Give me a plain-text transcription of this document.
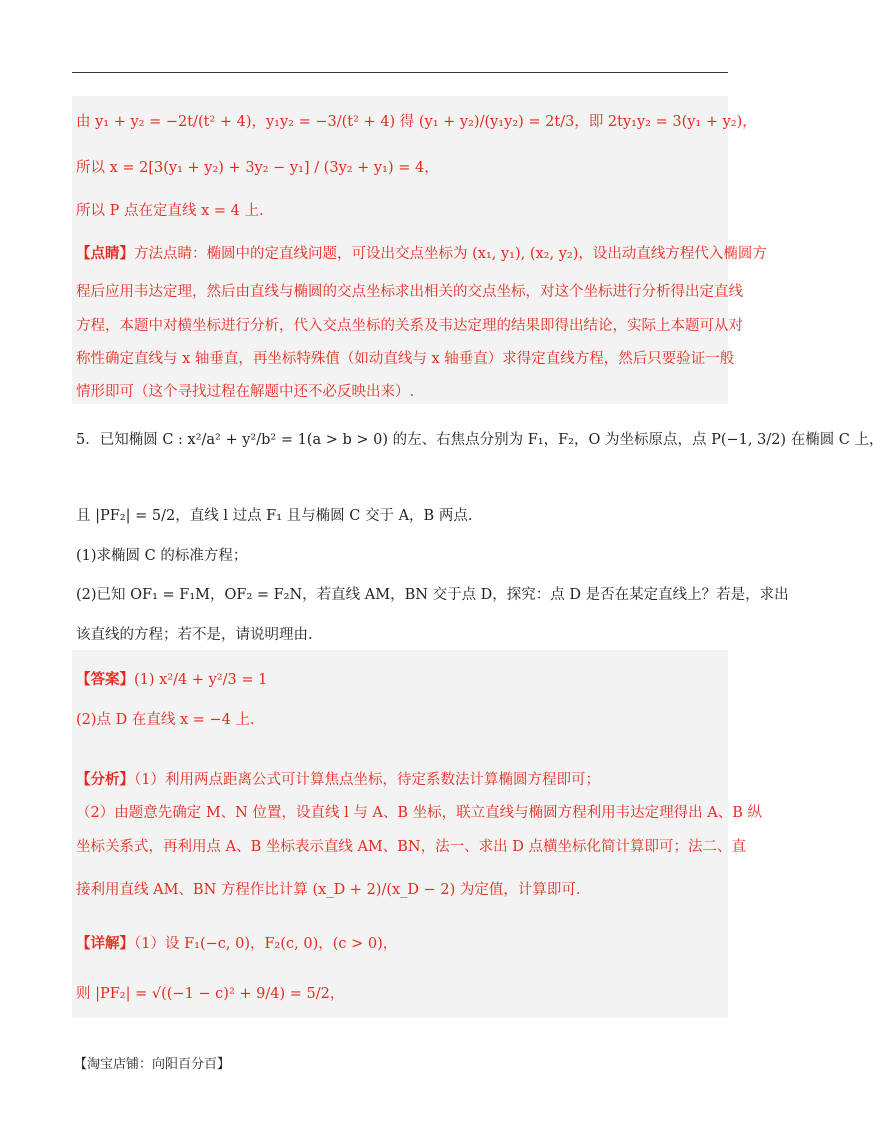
由 y₁ + y₂ = −2t/(t² + 4)，y₁y₂ = −3/(t² + 4) 得 (y₁ + y₂)/(y₁y₂) = 2t/3，即 2ty₁y₂ = 3(y₁ + y₂)，
所以 x = 2[3(y₁ + y₂) + 3y₂ − y₁] / (3y₂ + y₁) = 4，
所以 P 点在定直线 x = 4 上.
【点睛】方法点睛：椭圆中的定直线问题，可设出交点坐标为 (x₁, y₁), (x₂, y₂)，设出动直线方程代入椭圆方
程后应用韦达定理，然后由直线与椭圆的交点坐标求出相关的交点坐标，对这个坐标进行分析得出定直线
方程，本题中对横坐标进行分析，代入交点坐标的关系及韦达定理的结果即得出结论，实际上本题可从对
称性确定直线与 x 轴垂直，再坐标特殊值（如动直线与 x 轴垂直）求得定直线方程，然后只要验证一般
情形即可（这个寻找过程在解题中还不必反映出来）.
5．已知椭圆 C : x²/a² + y²/b² = 1(a > b > 0) 的左、右焦点分别为 F₁，F₂，O 为坐标原点，点 P(−1, 3/2) 在椭圆 C 上，
且 |PF₂| = 5/2，直线 l 过点 F₁ 且与椭圆 C 交于 A，B 两点.
(1)求椭圆 C 的标准方程；
(2)已知 OF₁ = F₁M，OF₂ = F₂N，若直线 AM，BN 交于点 D，探究：点 D 是否在某定直线上？若是，求出
该直线的方程；若不是，请说明理由.
【答案】(1) x²/4 + y²/3 = 1
(2)点 D 在直线 x = −4 上.
【分析】（1）利用两点距离公式可计算焦点坐标，待定系数法计算椭圆方程即可；
（2）由题意先确定 M、N 位置，设直线 l 与 A、B 坐标，联立直线与椭圆方程利用韦达定理得出 A、B 纵
坐标关系式，再利用点 A、B 坐标表示直线 AM、BN，法一、求出 D 点横坐标化简计算即可；法二、直
接利用直线 AM、BN 方程作比计算 (x_D + 2)/(x_D − 2) 为定值，计算即可.
【详解】（1）设 F₁(−c, 0)，F₂(c, 0)，(c > 0)，
则 |PF₂| = √((−1 − c)² + 9/4) = 5/2，
【淘宝店铺：向阳百分百】
